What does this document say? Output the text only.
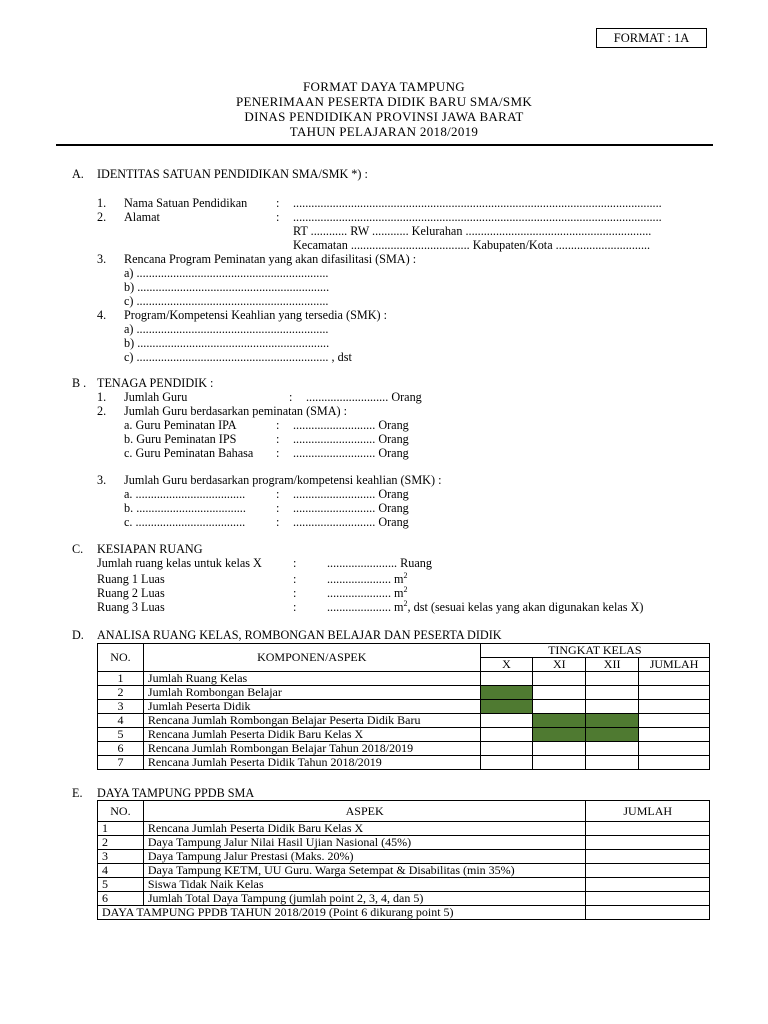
FORMAT : 1A
FORMAT DAYA TAMPUNG
PENERIMAAN PESERTA DIDIK BARU SMA/SMK
DINAS PENDIDIKAN PROVINSI JAWA BARAT
TAHUN PELAJARAN 2018/2019
A. IDENTITAS SATUAN PENDIDIKAN SMA/SMK *) :
1. Nama Satuan Pendidikan : .........................................................................................................................
2. Alamat	: .........................................................................................................................
RT ............ RW ............ Kelurahan .............................................................
Kecamatan ....................................... Kabupaten/Kota ...............................
3. Rencana Program Peminatan yang akan difasilitasi (SMA) :
a) ...............................................................
b) ...............................................................
c) ...............................................................
4. Program/Kompetensi Keahlian yang tersedia (SMK) :
a) ...............................................................
b) ...............................................................
c) ............................................................... , dst
B . TENAGA PENDIDIK :
1. Jumlah Guru	: ........................... Orang
2. Jumlah Guru berdasarkan peminatan (SMA) :
a. Guru Peminatan IPA	: ........................... Orang
b. Guru Peminatan IPS	: ........................... Orang
c. Guru Peminatan Bahasa : ........................... Orang
3. Jumlah Guru berdasarkan program/kompetensi keahlian (SMK) :
a. ....................................	: ........................... Orang
b. .................................... : ........................... Orang
c. ....................................	: ........................... Orang
C. KESIAPAN RUANG
Jumlah ruang kelas untuk kelas X	:	....................... Ruang
Ruang 1 Luas	:	..................... $m^2$
Ruang 2 Luas	:	..................... $m^2$
Ruang 3 Luas	:	..................... $m^2$, dst (sesuai kelas yang akan digunakan kelas X)
D. ANALISA RUANG KELAS, ROMBONGAN BELAJAR DAN PESERTA DIDIK
NO.	KOMPONEN/ASPEK	TINGKAT KELAS			
		X	XI	XII	JUMLAH
1	Jumlah Ruang Kelas				
2	Jumlah Rombongan Belajar				
3	Jumlah Peserta Didik				
4	Rencana Jumlah Rombongan Belajar Peserta Didik Baru				
5	Rencana Jumlah Peserta Didik Baru Kelas X				
6	Rencana Jumlah Rombongan Belajar Tahun 2018/2019				
7	Rencana Jumlah Peserta Didik Tahun 2018/2019				
E. DAYA TAMPUNG PPDB SMA
NO.	ASPEK	JUMLAH
1	Rencana Jumlah Peserta Didik Baru Kelas X	
2	Daya Tampung Jalur Nilai Hasil Ujian Nasional (45%)	
3	Daya Tampung Jalur Prestasi (Maks. 20%)	
4	Daya Tampung KETM, UU Guru. Warga Setempat & Disabilitas (min 35%)	
5	Siswa Tidak Naik Kelas	
6	Jumlah Total Daya Tampung (jumlah point 2, 3, 4, dan 5)	
DAYA TAMPUNG PPDB TAHUN 2018/2019 (Point 6 dikurang point 5)		
